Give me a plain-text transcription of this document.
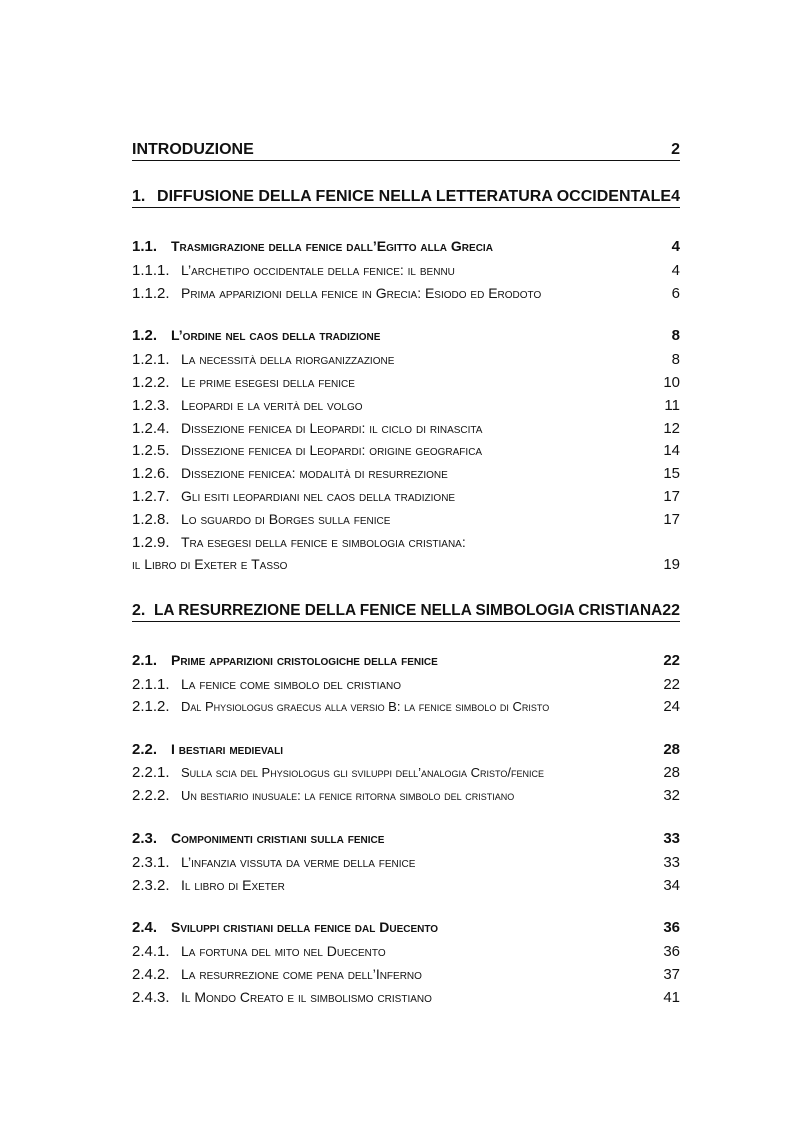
INTRODUZIONE	2
1. DIFFUSIONE DELLA FENICE NELLA LETTERATURA OCCIDENTALE 4
1.1. Trasmigrazione della fenice dall’Egitto alla Grecia	4
1.1.1. L’archetipo occidentale della fenice: il bennu	4
1.1.2. Prima apparizioni della fenice in Grecia: Esiodo ed Erodoto	6
1.2. L’ordine nel caos della tradizione	8
1.2.1. La necessità della riorganizzazione	8
1.2.2. Le prime esegesi della fenice	10
1.2.3. Leopardi e la verità del volgo	11
1.2.4. Dissezione fenicea di Leopardi: il ciclo di rinascita	12
1.2.5. Dissezione fenicea di Leopardi: origine geografica	14
1.2.6. Dissezione fenicea: modalità di resurrezione	15
1.2.7. Gli esiti leopardiani nel caos della tradizione	17
1.2.8. Lo sguardo di Borges sulla fenice	17
1.2.9. Tra esegesi della fenice e simbologia cristiana:
il Libro di Exeter e Tasso	19
2. LA RESURREZIONE DELLA FENICE NELLA SIMBOLOGIA CRISTIANA 22
2.1. Prime apparizioni cristologiche della fenice	22
2.1.1. La fenice come simbolo del cristiano	22
2.1.2. Dal Physiologus graecus alla versio B: la fenice simbolo di Cristo	24
2.2. I bestiari medievali	28
2.2.1. Sulla scia del Physiologus gli sviluppi dell’analogia Cristo/fenice	28
2.2.2. Un bestiario inusuale: la fenice ritorna simbolo del cristiano	32
2.3. Componimenti cristiani sulla fenice	33
2.3.1. L’infanzia vissuta da verme della fenice	33
2.3.2. Il libro di Exeter	34
2.4. Sviluppi cristiani della fenice dal Duecento	36
2.4.1. La fortuna del mito nel Duecento	36
2.4.2. La resurrezione come pena dell’Inferno	37
2.4.3. Il Mondo Creato e il simbolismo cristiano	41
